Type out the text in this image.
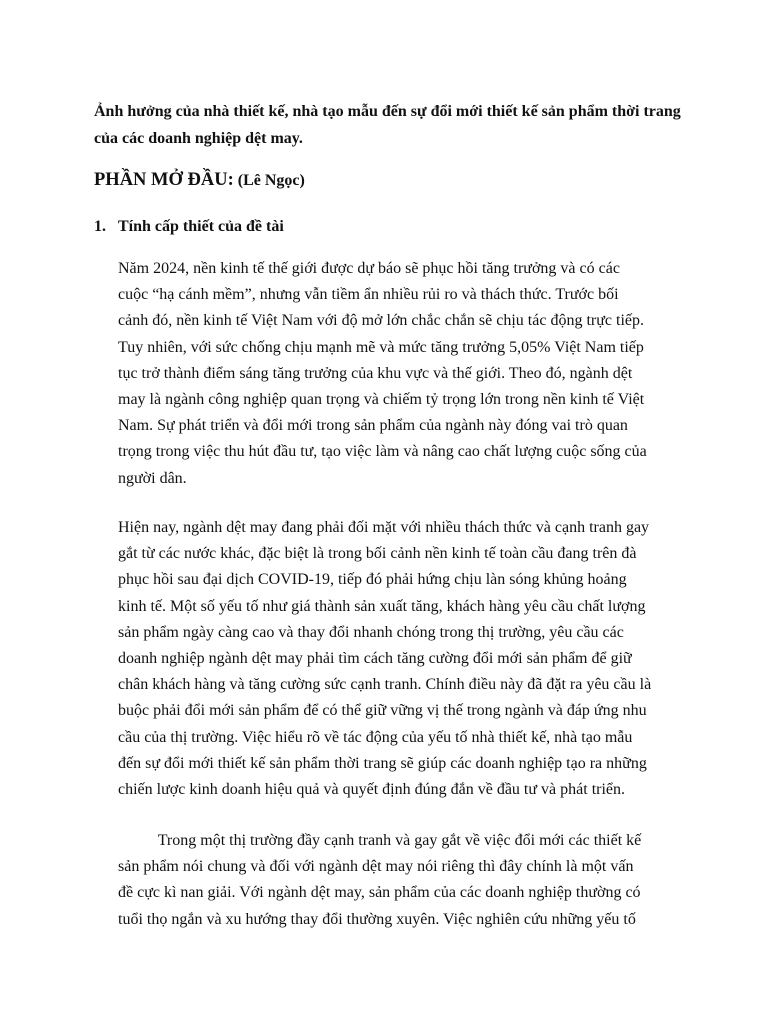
Ảnh hưởng của nhà thiết kế, nhà tạo mẫu đến sự đổi mới thiết kế sản phẩm thời trang của các doanh nghiệp dệt may.

PHẦN MỞ ĐẦU: (Lê Ngọc)

1. Tính cấp thiết của đề tài

Năm 2024, nền kinh tế thế giới được dự báo sẽ phục hồi tăng trưởng và có các
cuộc “hạ cánh mềm”, nhưng vẫn tiềm ẩn nhiều rủi ro và thách thức. Trước bối
cảnh đó, nền kinh tế Việt Nam với độ mở lớn chắc chắn sẽ chịu tác động trực tiếp.
Tuy nhiên, với sức chống chịu mạnh mẽ và mức tăng trưởng 5,05% Việt Nam tiếp
tục trở thành điểm sáng tăng trưởng của khu vực và thế giới. Theo đó, ngành dệt
may là ngành công nghiệp quan trọng và chiếm tỷ trọng lớn trong nền kinh tế Việt
Nam. Sự phát triển và đổi mới trong sản phẩm của ngành này đóng vai trò quan
trọng trong việc thu hút đầu tư, tạo việc làm và nâng cao chất lượng cuộc sống của
người dân.

Hiện nay, ngành dệt may đang phải đối mặt với nhiều thách thức và cạnh tranh gay
gắt từ các nước khác, đặc biệt là trong bối cảnh nền kinh tế toàn cầu đang trên đà
phục hồi sau đại dịch COVID-19, tiếp đó phải hứng chịu làn sóng khủng hoảng
kinh tế. Một số yếu tố như giá thành sản xuất tăng, khách hàng yêu cầu chất lượng
sản phẩm ngày càng cao và thay đổi nhanh chóng trong thị trường, yêu cầu các
doanh nghiệp ngành dệt may phải tìm cách tăng cường đổi mới sản phẩm để giữ
chân khách hàng và tăng cường sức cạnh tranh. Chính điều này đã đặt ra yêu cầu là
buộc phải đổi mới sản phẩm để có thể giữ vững vị thế trong ngành và đáp ứng nhu
cầu của thị trường. Việc hiểu rõ về tác động của yếu tố nhà thiết kế, nhà tạo mẫu
đến sự đổi mới thiết kế sản phẩm thời trang sẽ giúp các doanh nghiệp tạo ra những
chiến lược kinh doanh hiệu quả và quyết định đúng đắn về đầu tư và phát triển.

Trong một thị trường đầy cạnh tranh và gay gắt về việc đổi mới các thiết kế
sản phẩm nói chung và đối với ngành dệt may nói riêng thì đây chính là một vấn
đề cực kì nan giải. Với ngành dệt may, sản phẩm của các doanh nghiệp thường có
tuổi thọ ngắn và xu hướng thay đổi thường xuyên. Việc nghiên cứu những yếu tố
